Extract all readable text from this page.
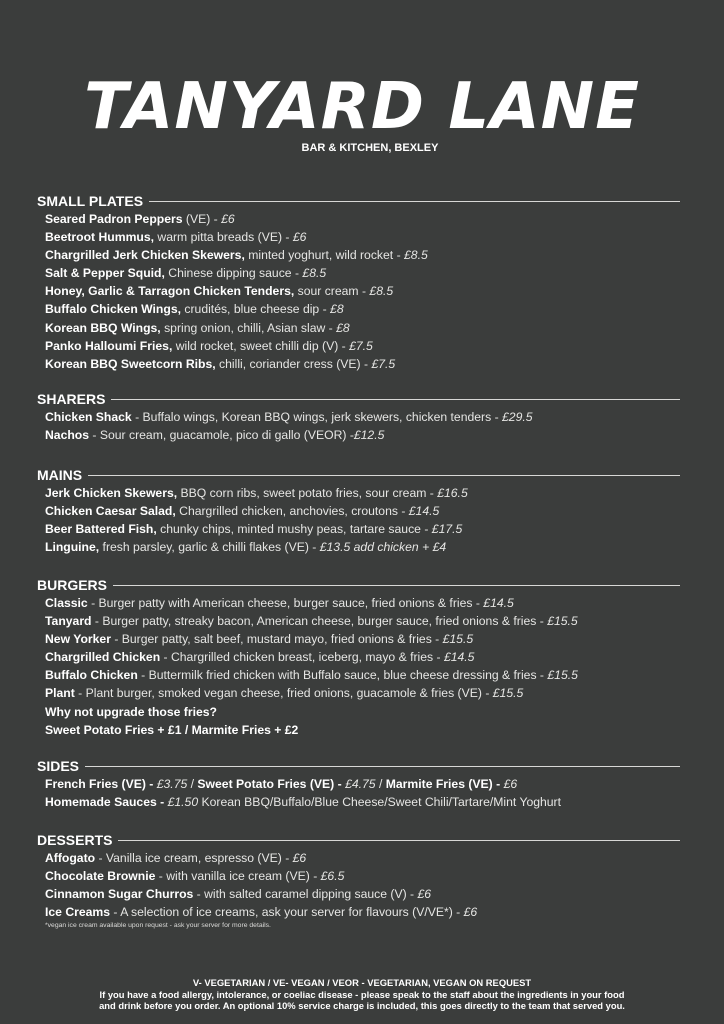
TANYARD LANE
BAR & KITCHEN, BEXLEY
SMALL PLATES
Seared Padron Peppers (VE) - £6
Beetroot Hummus, warm pitta breads (VE) - £6
Chargrilled Jerk Chicken Skewers, minted yoghurt, wild rocket - £8.5
Salt & Pepper Squid, Chinese dipping sauce - £8.5
Honey, Garlic & Tarragon Chicken Tenders, sour cream - £8.5
Buffalo Chicken Wings, crudités, blue cheese dip - £8
Korean BBQ Wings, spring onion, chilli, Asian slaw - £8
Panko Halloumi Fries, wild rocket, sweet chilli dip (V) - £7.5
Korean BBQ Sweetcorn Ribs, chilli, coriander cress (VE) - £7.5
SHARERS
Chicken Shack - Buffalo wings, Korean BBQ wings, jerk skewers, chicken tenders - £29.5
Nachos - Sour cream, guacamole, pico di gallo (VEOR) -£12.5
MAINS
Jerk Chicken Skewers, BBQ corn ribs, sweet potato fries, sour cream - £16.5
Chicken Caesar Salad, Chargrilled chicken, anchovies, croutons - £14.5
Beer Battered Fish, chunky chips, minted mushy peas, tartare sauce - £17.5
Linguine, fresh parsley, garlic & chilli flakes (VE) - £13.5 add chicken + £4
BURGERS
Classic - Burger patty with American cheese, burger sauce, fried onions & fries - £14.5
Tanyard - Burger patty, streaky bacon, American cheese, burger sauce, fried onions & fries - £15.5
New Yorker - Burger patty, salt beef, mustard mayo, fried onions & fries - £15.5
Chargrilled Chicken - Chargrilled chicken breast, iceberg, mayo & fries - £14.5
Buffalo Chicken - Buttermilk fried chicken with Buffalo sauce, blue cheese dressing & fries - £15.5
Plant - Plant burger, smoked vegan cheese, fried onions, guacamole & fries (VE) - £15.5
Why not upgrade those fries?
Sweet Potato Fries + £1 / Marmite Fries + £2
SIDES
French Fries (VE) - £3.75 / Sweet Potato Fries (VE) - £4.75 / Marmite Fries (VE) - £6
Homemade Sauces - £1.50 Korean BBQ/Buffalo/Blue Cheese/Sweet Chili/Tartare/Mint Yoghurt
DESSERTS
Affogato - Vanilla ice cream, espresso (VE) - £6
Chocolate Brownie - with vanilla ice cream (VE) - £6.5
Cinnamon Sugar Churros - with salted caramel dipping sauce (V) - £6
Ice Creams - A selection of ice creams, ask your server for flavours (V/VE*) - £6
*vegan ice cream available upon request - ask your server for more details.
V- VEGETARIAN / VE- VEGAN / VEOR - VEGETARIAN, VEGAN ON REQUEST
If you have a food allergy, intolerance, or coeliac disease - please speak to the staff about the ingredients in your food
and drink before you order. An optional 10% service charge is included, this goes directly to the team that served you.
